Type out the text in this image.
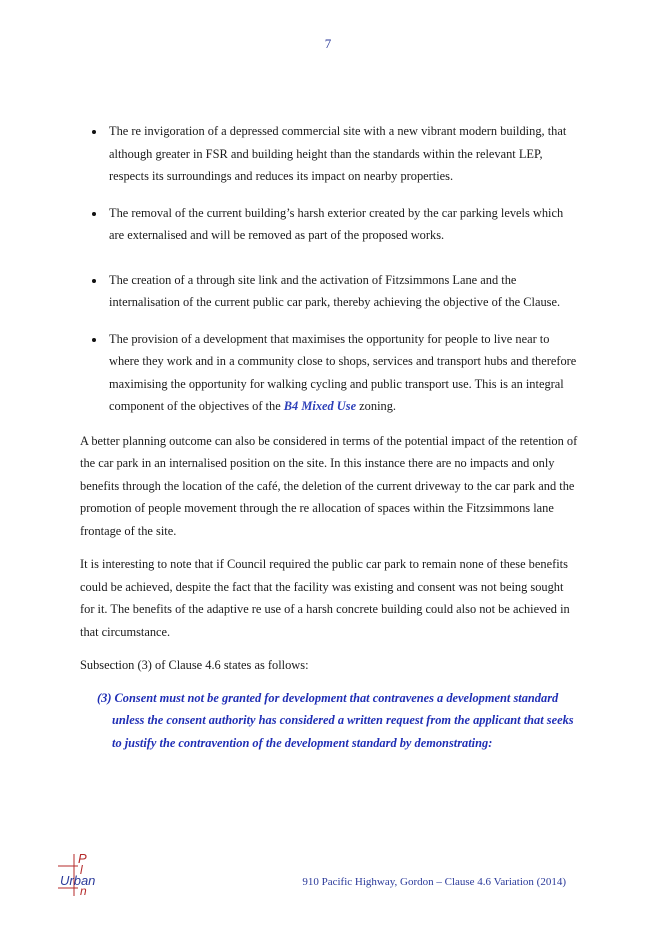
7
The re invigoration of a depressed commercial site with a new vibrant modern building, that although greater in FSR and building height than the standards within the relevant LEP, respects its surroundings and reduces its impact on nearby properties.
The removal of the current building’s harsh exterior created by the car parking levels which are externalised and will be removed as part of the proposed works.
The creation of a through site link and the activation of Fitzsimmons Lane and the internalisation of the current public car park, thereby achieving the objective of the Clause.
The provision of a development that maximises the opportunity for people to live near to where they work and in a community close to shops, services and transport hubs and therefore maximising the opportunity for walking cycling and public transport use. This is an integral component of the objectives of the B4 Mixed Use zoning.

A better planning outcome can also be considered in terms of the potential impact of the retention of the car park in an internalised position on the site. In this instance there are no impacts and only benefits through the location of the café, the deletion of the current driveway to the car park and the promotion of people movement through the re allocation of spaces within the Fitzsimmons lane frontage of the site.

It is interesting to note that if Council required the public car park to remain none of these benefits could be achieved, despite the fact that the facility was existing and consent was not being sought for it. The benefits of the adaptive re use of a harsh concrete building could also not be achieved in that circumstance.

Subsection (3) of Clause 4.6 states as follows:

(3) Consent must not be granted for development that contravenes a development standard unless the consent authority has considered a written request from the applicant that seeks to justify the contravention of the development standard by demonstrating:
P
l
Urban
n
910 Pacific Highway, Gordon – Clause 4.6 Variation (2014)
